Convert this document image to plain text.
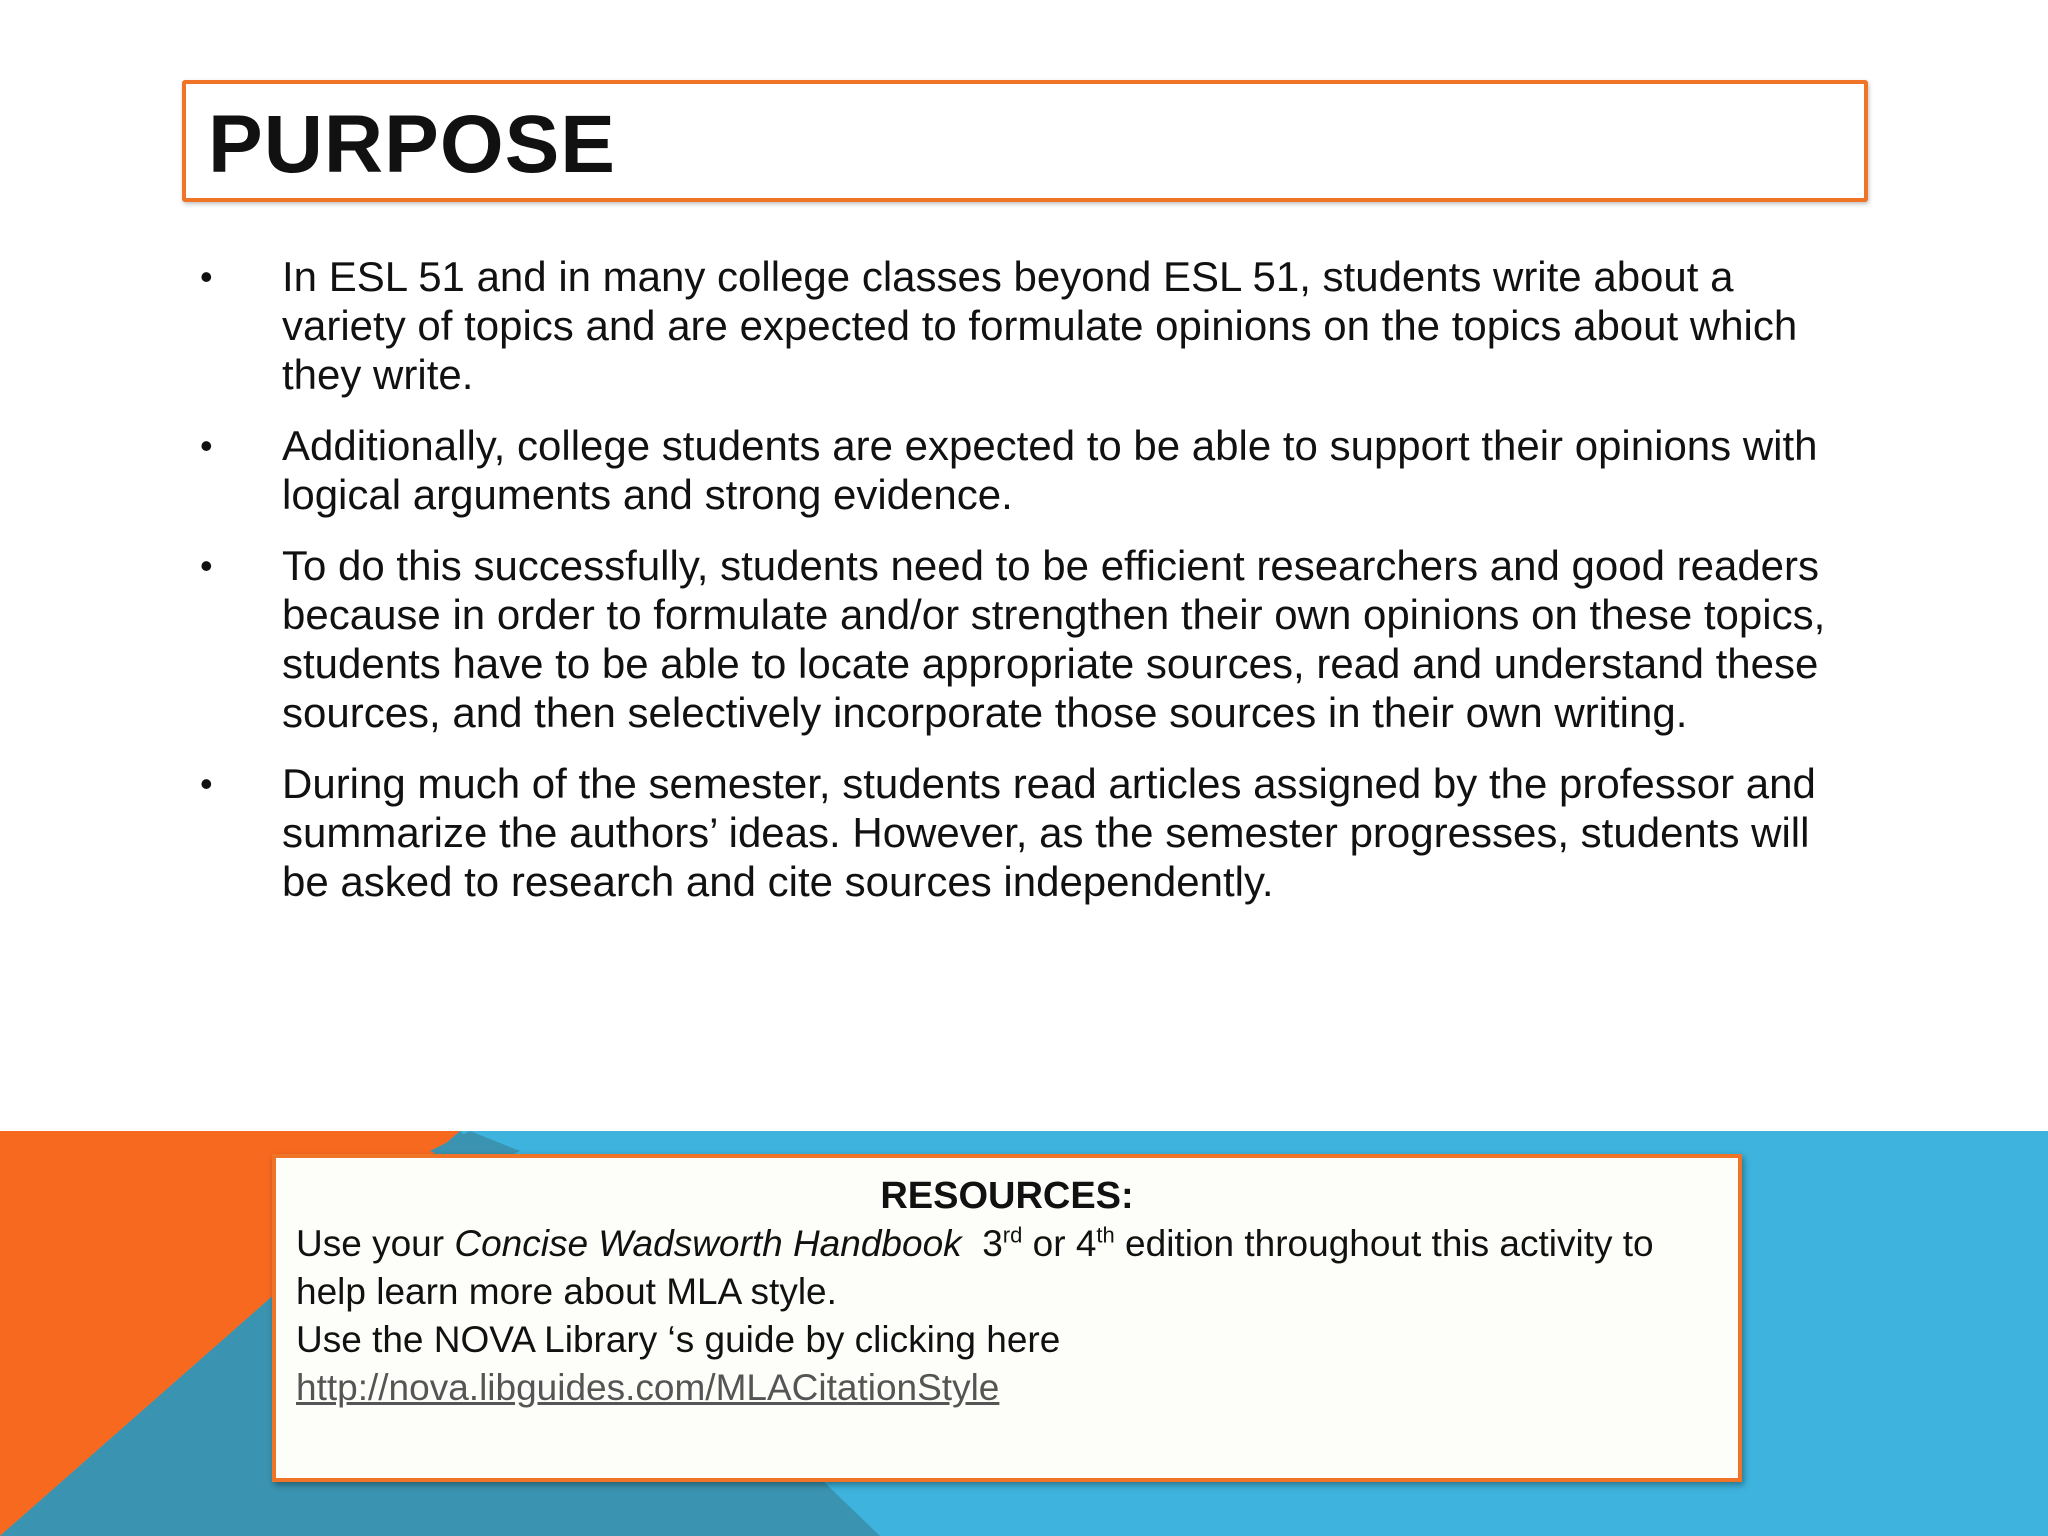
PURPOSE
•	In ESL 51 and in many college classes beyond ESL 51, students write about a variety of topics and are expected to formulate opinions on the topics about which they write.
•	Additionally, college students are expected to be able to support their opinions with logical arguments and strong evidence.
•	To do this successfully, students need to be efficient researchers and good readers because in order to formulate and/or strengthen their own opinions on these topics, students have to be able to locate appropriate sources, read and understand these sources, and then selectively incorporate those sources in their own writing.
•	During much of the semester, students read articles assigned by the professor and summarize the authors’ ideas. However, as the semester progresses, students will be asked to research and cite sources independently.
RESOURCES:
Use your Concise Wadsworth Handbook 3rd or 4th edition throughout this activity to help learn more about MLA style.
Use the NOVA Library ‘s guide by clicking here
http://nova.libguides.com/MLACitationStyle
